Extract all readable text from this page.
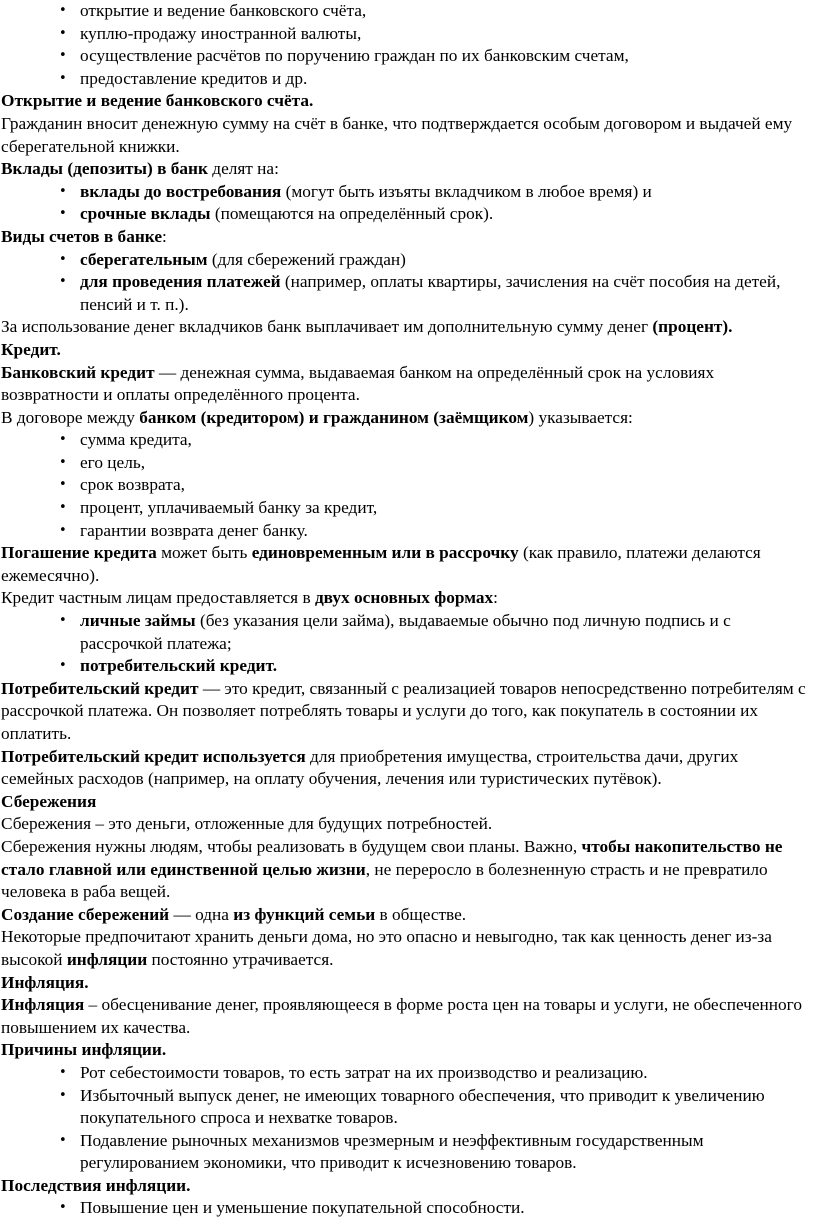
• открытие и ведение банковского счёта,
• куплю-продажу иностранной валюты,
• осуществление расчётов по поручению граждан по их банковским счетам,
• предоставление кредитов и др.

Открытие и ведение банковского счёта.

Гражданин вносит денежную сумму на счёт в банке, что подтверждается особым договором и выдачей ему сберегательной книжки.

Вклады (депозиты) в банк делят на:

• вклады до востребования (могут быть изъяты вкладчиком в любое время) и
• срочные вклады (помещаются на определённый срок).

Виды счетов в банке:

• сберегательным (для сбережений граждан)
• для проведения платежей (например, оплаты квартиры, зачисления на счёт пособия на детей, пенсий и т. п.).

За использование денег вкладчиков банк выплачивает им дополнительную сумму денег (процент).

Кредит.

Банковский кредит — денежная сумма, выдаваемая банком на определённый срок на условиях возвратности и оплаты определённого процента.

В договоре между банком (кредитором) и гражданином (заёмщиком) указывается:

• сумма кредита,
• его цель,
• срок возврата,
• процент, уплачиваемый банку за кредит,
• гарантии возврата денег банку.

Погашение кредита может быть единовременным или в рассрочку (как правило, платежи делаются ежемесячно).

Кредит частным лицам предоставляется в двух основных формах:

• личные займы (без указания цели займа), выдаваемые обычно под личную подпись и с рассрочкой платежа;
• потребительский кредит.

Потребительский кредит — это кредит, связанный с реализацией товаров непосредственно потребителям с рассрочкой платежа. Он позволяет потреблять товары и услуги до того, как покупатель в состоянии их оплатить.

Потребительский кредит используется для приобретения имущества, строительства дачи, других семейных расходов (например, на оплату обучения, лечения или туристических путёвок).

Сбережения

Сбережения – это деньги, отложенные для будущих потребностей.

Сбережения нужны людям, чтобы реализовать в будущем свои планы. Важно, чтобы накопительство не стало главной или единственной целью жизни, не переросло в болезненную страсть и не превратило человека в раба вещей.

Создание сбережений — одна из функций семьи в обществе.

Некоторые предпочитают хранить деньги дома, но это опасно и невыгодно, так как ценность денег из-за высокой инфляции постоянно утрачивается.

Инфляция.

Инфляция – обесценивание денег, проявляющееся в форме роста цен на товары и услуги, не обеспеченного повышением их качества.

Причины инфляции.

• Рот себестоимости товаров, то есть затрат на их производство и реализацию.
• Избыточный выпуск денег, не имеющих товарного обеспечения, что приводит к увеличению покупательного спроса и нехватке товаров.
• Подавление рыночных механизмов чрезмерным и неэффективным государственным регулированием экономики, что приводит к исчезновению товаров.

Последствия инфляции.

• Повышение цен и уменьшение покупательной способности.
